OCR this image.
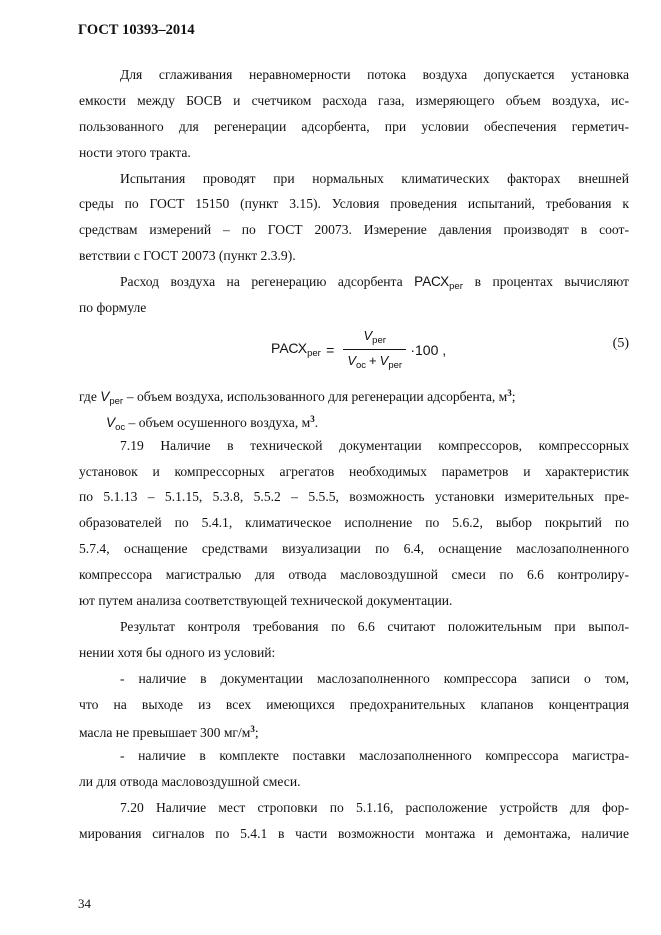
ГОСТ 10393–2014
Для сглаживания неравномерности потока воздуха допускается установка
емкости между БОСВ и счетчиком расхода газа, измеряющего объем воздуха, ис-
пользованного для регенерации адсорбента, при условии обеспечения герметич-
ности этого тракта.
Испытания проводят при нормальных климатических факторах внешней
среды по ГОСТ 15150 (пункт 3.15). Условия проведения испытаний, требования к
средствам измерений – по ГОСТ 20073. Измерение давления производят в соот-
ветствии с ГОСТ 20073 (пункт 2.3.9).
Расход воздуха на регенерацию адсорбента $РАСХ_{рег}$ в процентах вычисляют
по формуле
$РАСХ_{рег} = \frac{V_{рег}}{V_{ос} + V_{рег}} \cdot 100$ ,	(5)
где $V_{рег}$ – объем воздуха, использованного для регенерации адсорбента, $м^3$;
$V_{ос}$ – объем осушенного воздуха, $м^3$.
7.19 Наличие в технической документации компрессоров, компрессорных
установок и компрессорных агрегатов необходимых параметров и характеристик
по 5.1.13 – 5.1.15, 5.3.8, 5.5.2 – 5.5.5, возможность установки измерительных пре-
образователей по 5.4.1, климатическое исполнение по 5.6.2, выбор покрытий по
5.7.4, оснащение средствами визуализации по 6.4, оснащение маслозаполненного
компрессора магистралью для отвода масловоздушной смеси по 6.6 контролиру-
ют путем анализа соответствующей технической документации.
Результат контроля требования по 6.6 считают положительным при выпол-
нении хотя бы одного из условий:
- наличие в документации маслозаполненного компрессора записи о том,
что на выходе из всех имеющихся предохранительных клапанов концентрация
масла не превышает 300 $мг/м^3$;
- наличие в комплекте поставки маслозаполненного компрессора магистра-
ли для отвода масловоздушной смеси.
7.20 Наличие мест строповки по 5.1.16, расположение устройств для фор-
мирования сигналов по 5.4.1 в части возможности монтажа и демонтажа, наличие
34
